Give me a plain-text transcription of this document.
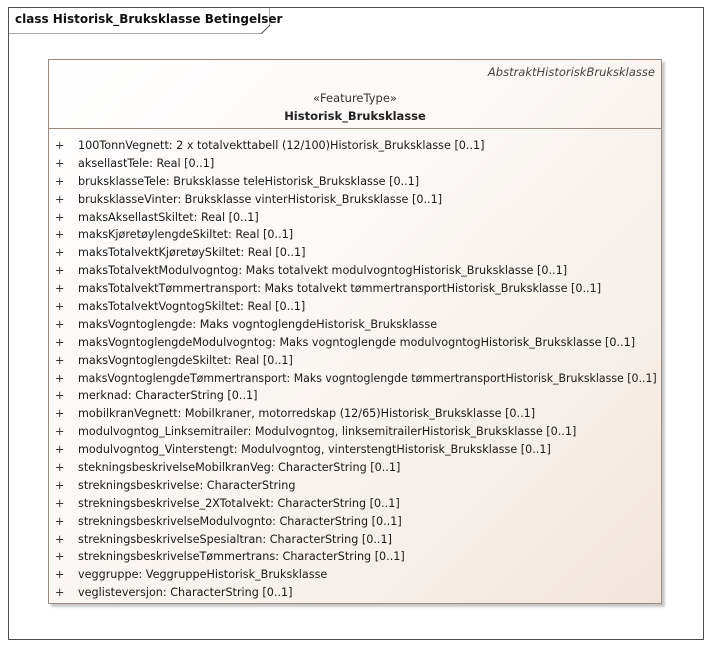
class Historisk_Bruksklasse Betingelser
AbstraktHistoriskBruksklasse
«FeatureType»
Historisk_Bruksklasse
+ 100TonnVegnett: 2 x totalvekttabell (12/100)Historisk_Bruksklasse [0..1]
+ aksellastTele: Real [0..1]
+ bruksklasseTele: Bruksklasse teleHistorisk_Bruksklasse [0..1]
+ bruksklasseVinter: Bruksklasse vinterHistorisk_Bruksklasse [0..1]
+ maksAksellastSkiltet: Real [0..1]
+ maksKjøretøylengdeSkiltet: Real [0..1]
+ maksTotalvektKjøretøySkiltet: Real [0..1]
+ maksTotalvektModulvogntog: Maks totalvekt modulvogntogHistorisk_Bruksklasse [0..1]
+ maksTotalvektTømmertransport: Maks totalvekt tømmertransportHistorisk_Bruksklasse [0..1]
+ maksTotalvektVogntogSkiltet: Real [0..1]
+ maksVogntoglengde: Maks vogntoglengdeHistorisk_Bruksklasse
+ maksVogntoglengdeModulvogntog: Maks vogntoglengde modulvogntogHistorisk_Bruksklasse [0..1]
+ maksVogntoglengdeSkiltet: Real [0..1]
+ maksVogntoglengdeTømmertransport: Maks vogntoglengde tømmertransportHistorisk_Bruksklasse [0..1]
+ merknad: CharacterString [0..1]
+ mobilkranVegnett: Mobilkraner, motorredskap (12/65)Historisk_Bruksklasse [0..1]
+ modulvogntog_Linksemitrailer: Modulvogntog, linksemitrailerHistorisk_Bruksklasse [0..1]
+ modulvogntog_Vinterstengt: Modulvogntog, vinterstengtHistorisk_Bruksklasse [0..1]
+ stekningsbeskrivelseMobilkranVeg: CharacterString [0..1]
+ strekningsbeskrivelse: CharacterString
+ strekningsbeskrivelse_2XTotalvekt: CharacterString [0..1]
+ strekningsbeskrivelseModulvognto: CharacterString [0..1]
+ strekningsbeskrivelseSpesialtran: CharacterString [0..1]
+ strekningsbeskrivelseTømmertrans: CharacterString [0..1]
+ veggruppe: VeggruppeHistorisk_Bruksklasse
+ veglisteversjon: CharacterString [0..1]
